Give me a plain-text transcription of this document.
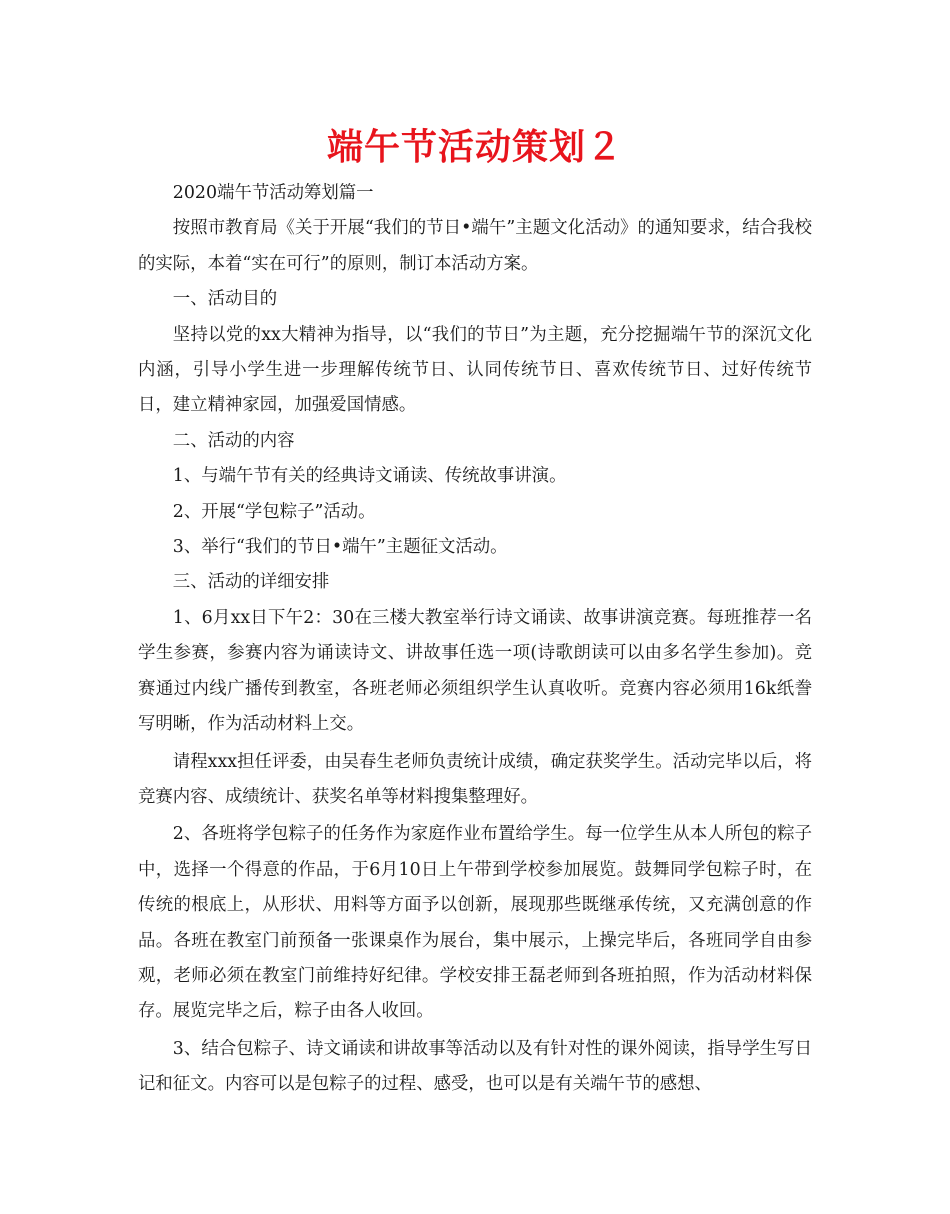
端午节活动策划２

2020端午节活动筹划篇一

按照市教育局《关于开展“我们的节日•端午”主题文化活动》的通知要求，结合我校的实际，本着“实在可行”的原则，制订本活动方案。

一、活动目的

坚持以党的xx大精神为指导，以“我们的节日”为主题，充分挖掘端午节的深沉文化内涵，引导小学生进一步理解传统节日、认同传统节日、喜欢传统节日、过好传统节日，建立精神家园，加强爱国情感。

二、活动的内容

1、与端午节有关的经典诗文诵读、传统故事讲演。

2、开展“学包粽子”活动。

3、举行“我们的节日•端午”主题征文活动。

三、活动的详细安排

1、6月xx日下午2：30在三楼大教室举行诗文诵读、故事讲演竞赛。每班推荐一名学生参赛，参赛内容为诵读诗文、讲故事任选一项(诗歌朗读可以由多名学生参加)。竞赛通过内线广播传到教室，各班老师必须组织学生认真收听。竞赛内容必须用16k纸誊写明晰，作为活动材料上交。

请程xxx担任评委，由吴春生老师负责统计成绩，确定获奖学生。活动完毕以后，将竞赛内容、成绩统计、获奖名单等材料搜集整理好。

2、各班将学包粽子的任务作为家庭作业布置给学生。每一位学生从本人所包的粽子中，选择一个得意的作品，于6月10日上午带到学校参加展览。鼓舞同学包粽子时，在传统的根底上，从形状、用料等方面予以创新，展现那些既继承传统，又充满创意的作品。各班在教室门前预备一张课桌作为展台，集中展示，上操完毕后，各班同学自由参观，老师必须在教室门前维持好纪律。学校安排王磊老师到各班拍照，作为活动材料保存。展览完毕之后，粽子由各人收回。

3、结合包粽子、诗文诵读和讲故事等活动以及有针对性的课外阅读，指导学生写日记和征文。内容可以是包粽子的过程、感受，也可以是有关端午节的感想、
